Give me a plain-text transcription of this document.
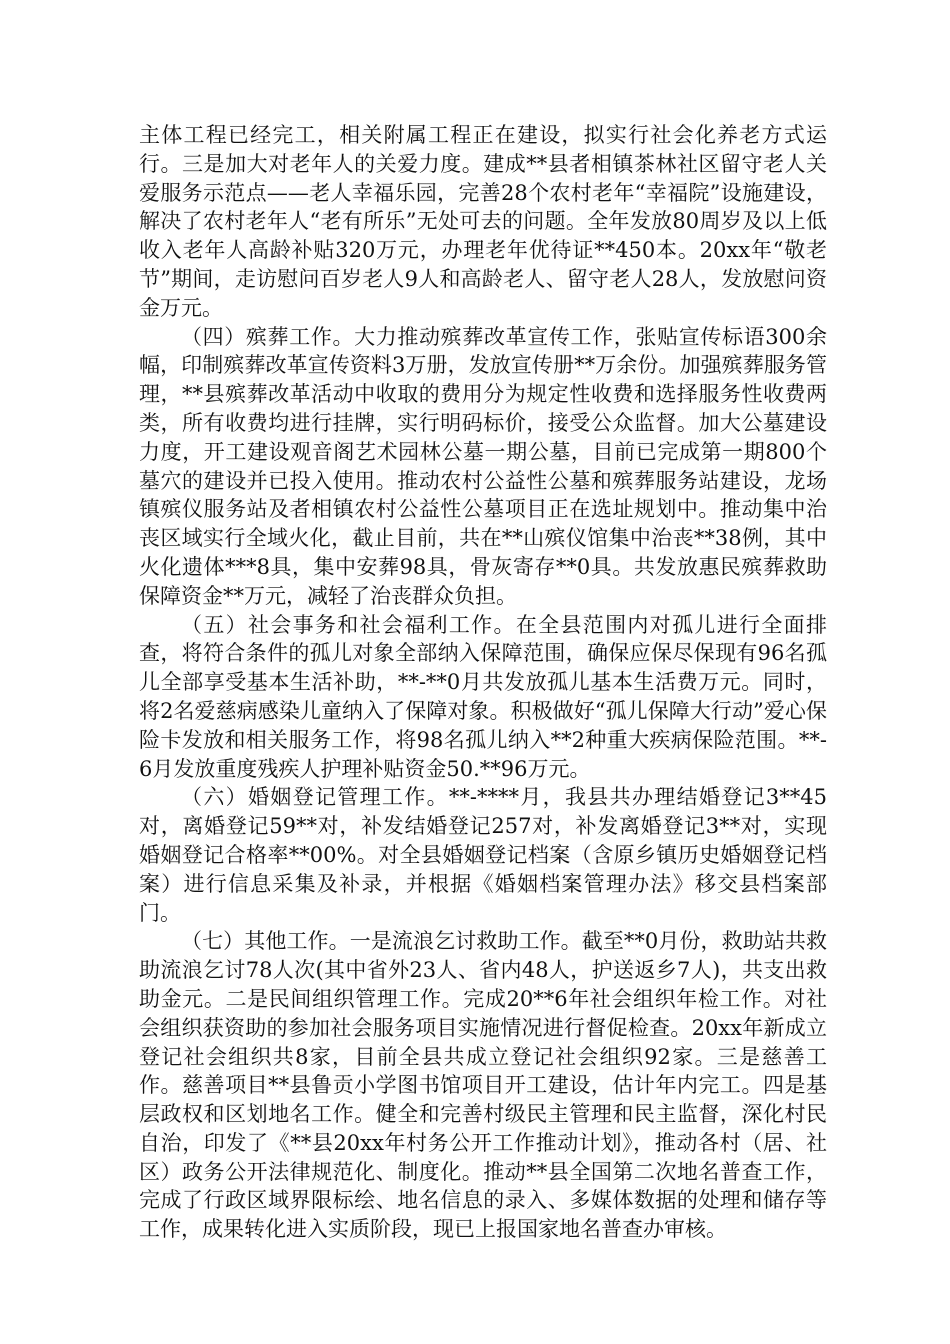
主体工程已经完工，相关附属工程正在建设，拟实行社会化养老方式运行。三是加大对老年人的关爱力度。建成**县者相镇茶林社区留守老人关爱服务示范点——老人幸福乐园，完善28个农村老年“幸福院”设施建设，解决了农村老年人“老有所乐”无处可去的问题。全年发放80周岁及以上低收入老年人高龄补贴320万元，办理老年优待证**450本。20xx年“敬老节”期间，走访慰问百岁老人9人和高龄老人、留守老人28人，发放慰问资金万元。

（四）殡葬工作。大力推动殡葬改革宣传工作，张贴宣传标语300余幅，印制殡葬改革宣传资料3万册，发放宣传册**万余份。加强殡葬服务管理，**县殡葬改革活动中收取的费用分为规定性收费和选择服务性收费两类，所有收费均进行挂牌，实行明码标价，接受公众监督。加大公墓建设力度，开工建设观音阁艺术园林公墓一期公墓，目前已完成第一期800个墓穴的建设并已投入使用。推动农村公益性公墓和殡葬服务站建设，龙场镇殡仪服务站及者相镇农村公益性公墓项目正在选址规划中。推动集中治丧区域实行全域火化，截止目前，共在**山殡仪馆集中治丧**38例，其中火化遗体***8具，集中安葬98具，骨灰寄存**0具。共发放惠民殡葬救助保障资金**万元，减轻了治丧群众负担。

（五）社会事务和社会福利工作。在全县范围内对孤儿进行全面排查，将符合条件的孤儿对象全部纳入保障范围，确保应保尽保现有96名孤儿全部享受基本生活补助，**-**0月共发放孤儿基本生活费万元。同时，将2名爱慈病感染儿童纳入了保障对象。积极做好“孤儿保障大行动”爱心保险卡发放和相关服务工作，将98名孤儿纳入**2种重大疾病保险范围。**-6月发放重度残疾人护理补贴资金50.**96万元。

（六）婚姻登记管理工作。**-****月，我县共办理结婚登记3**45对，离婚登记59**对，补发结婚登记257对，补发离婚登记3**对，实现婚姻登记合格率**00%。对全县婚姻登记档案（含原乡镇历史婚姻登记档案）进行信息采集及补录，并根据《婚姻档案管理办法》移交县档案部门。

（七）其他工作。一是流浪乞讨救助工作。截至**0月份，救助站共救助流浪乞讨78人次(其中省外23人、省内48人，护送返乡7人)，共支出救助金元。二是民间组织管理工作。完成20**6年社会组织年检工作。对社会组织获资助的参加社会服务项目实施情况进行督促检查。20xx年新成立登记社会组织共8家，目前全县共成立登记社会组织92家。三是慈善工作。慈善项目**县鲁贡小学图书馆项目开工建设，估计年内完工。四是基层政权和区划地名工作。健全和完善村级民主管理和民主监督，深化村民自治，印发了《**县20xx年村务公开工作推动计划》，推动各村（居、社区）政务公开法律规范化、制度化。推动**县全国第二次地名普查工作，完成了行政区域界限标绘、地名信息的录入、多媒体数据的处理和储存等工作，成果转化进入实质阶段，现已上报国家地名普查办审核。
